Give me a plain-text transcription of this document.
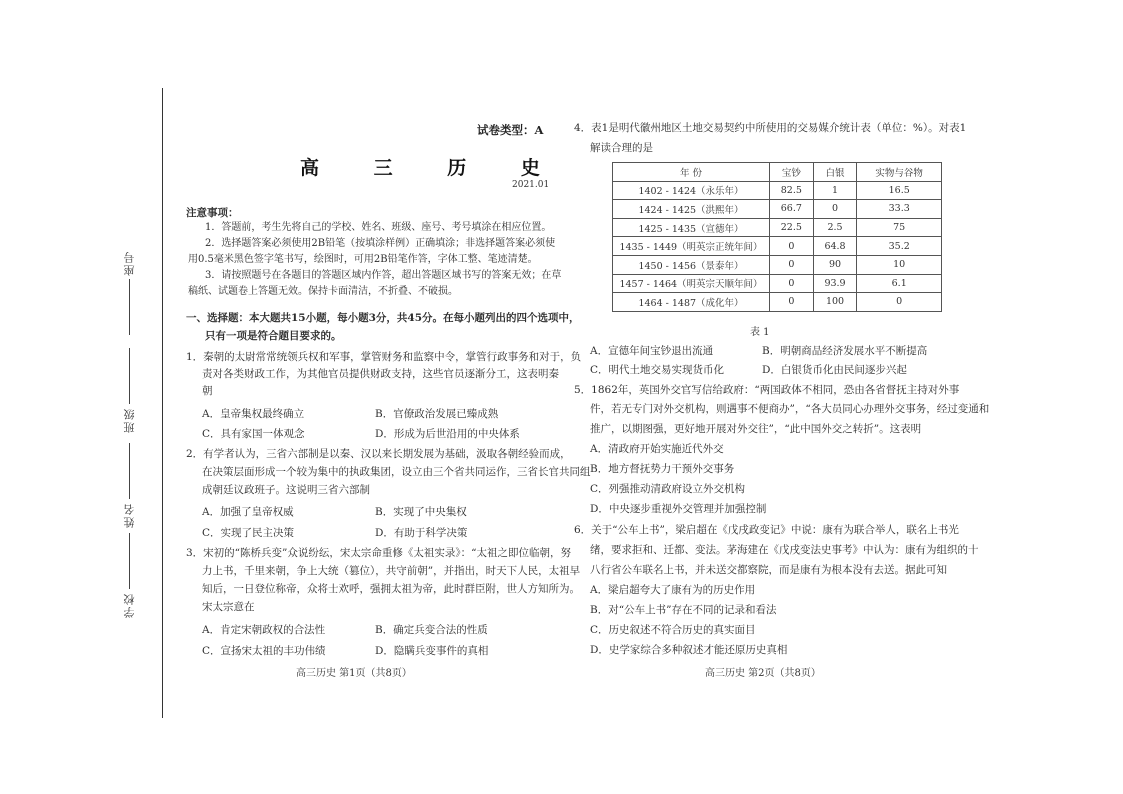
座号
班级
姓名
学校
试卷类型：A
高 三 历 史
2021.01
注意事项：
1．答题前，考生先将自己的学校、姓名、班级、座号、考号填涂在相应位置。
2．选择题答案必须使用2B铅笔（按填涂样例）正确填涂；非选择题答案必须使
用0.5毫米黑色签字笔书写，绘图时，可用2B铅笔作答，字体工整、笔迹清楚。
3．请按照题号在各题目的答题区域内作答，超出答题区域书写的答案无效；在草
稿纸、试题卷上答题无效。保持卡面清洁，不折叠、不破损。
一、选择题：本大题共15小题，每小题3分，共45分。在每小题列出的四个选项中，
只有一项是符合题目要求的。
1．秦朝的太尉常常统领兵权和军事，掌管财务和监察中令，掌管行政事务和对于，负
责对各类财政工作，为其他官员提供财政支持，这些官员逐渐分工，这表明秦
朝
A．皇帝集权最终确立	B．官僚政治发展已臻成熟
C．具有家国一体观念	D．形成为后世沿用的中央体系
2．有学者认为，三省六部制是以秦、汉以来长期发展为基础，汲取各朝经验而成，
在决策层面形成一个较为集中的执政集团，设立由三个省共同运作，三省长官共同组
成朝廷议政班子。这说明三省六部制
A．加强了皇帝权威	B．实现了中央集权
C．实现了民主决策	D．有助于科学决策
3．宋初的“陈桥兵变”众说纷纭，宋太宗命重修《太祖实录》：“太祖之即位临朝，努
力上书，千里来朝，争上大统（篡位），共守前朝”，并指出，时天下人民，太祖早
知后，一日登位称帝，众将士欢呼，强拥太祖为帝，此时群臣附，世人方知所为。
宋太宗意在
A．肯定宋朝政权的合法性	B．确定兵变合法的性质
C．宣扬宋太祖的丰功伟绩	D．隐瞒兵变事件的真相
高三历史 第1页（共8页）
4．表1是明代徽州地区土地交易契约中所使用的交易媒介统计表（单位：%）。对表1
解读合理的是
年 份	宝钞	白银	实物与谷物
1402 - 1424（永乐年）	82.5	1	16.5
1424 - 1425（洪熙年）	66.7	0	33.3
1425 - 1435（宣德年）	22.5	2.5	75
1435 - 1449（明英宗正统年间）	0	64.8	35.2
1450 - 1456（景泰年）	0	90	10
1457 - 1464（明英宗天顺年间）	0	93.9	6.1
1464 - 1487（成化年）	0	100	0
表 1
A．宣德年间宝钞退出流通	B．明朝商品经济发展水平不断提高
C．明代土地交易实现货币化	D．白银货币化由民间逐步兴起
5．1862年，英国外交官写信给政府：“两国政体不相同，恐由各省督抚主持对外事
件，若无专门对外交机构，则遇事不便商办”，“各大员同心办理外交事务，经过变通和
推广，以期图强，更好地开展对外交往”，“此中国外交之转折”。这表明
A．清政府开始实施近代外交
B．地方督抚势力干预外交事务
C．列强推动清政府设立外交机构
D．中央逐步重视外交管理并加强控制
6．关于“公车上书”，梁启超在《戊戌政变记》中说：康有为联合举人，联名上书光
绪，要求拒和、迁都、变法。茅海建在《戊戌变法史事考》中认为：康有为组织的十
八行省公车联名上书，并未送交都察院，而是康有为根本没有去送。据此可知
A．梁启超夸大了康有为的历史作用
B．对“公车上书”存在不同的记录和看法
C．历史叙述不符合历史的真实面目
D．史学家综合多种叙述才能还原历史真相
高三历史 第2页（共8页）
